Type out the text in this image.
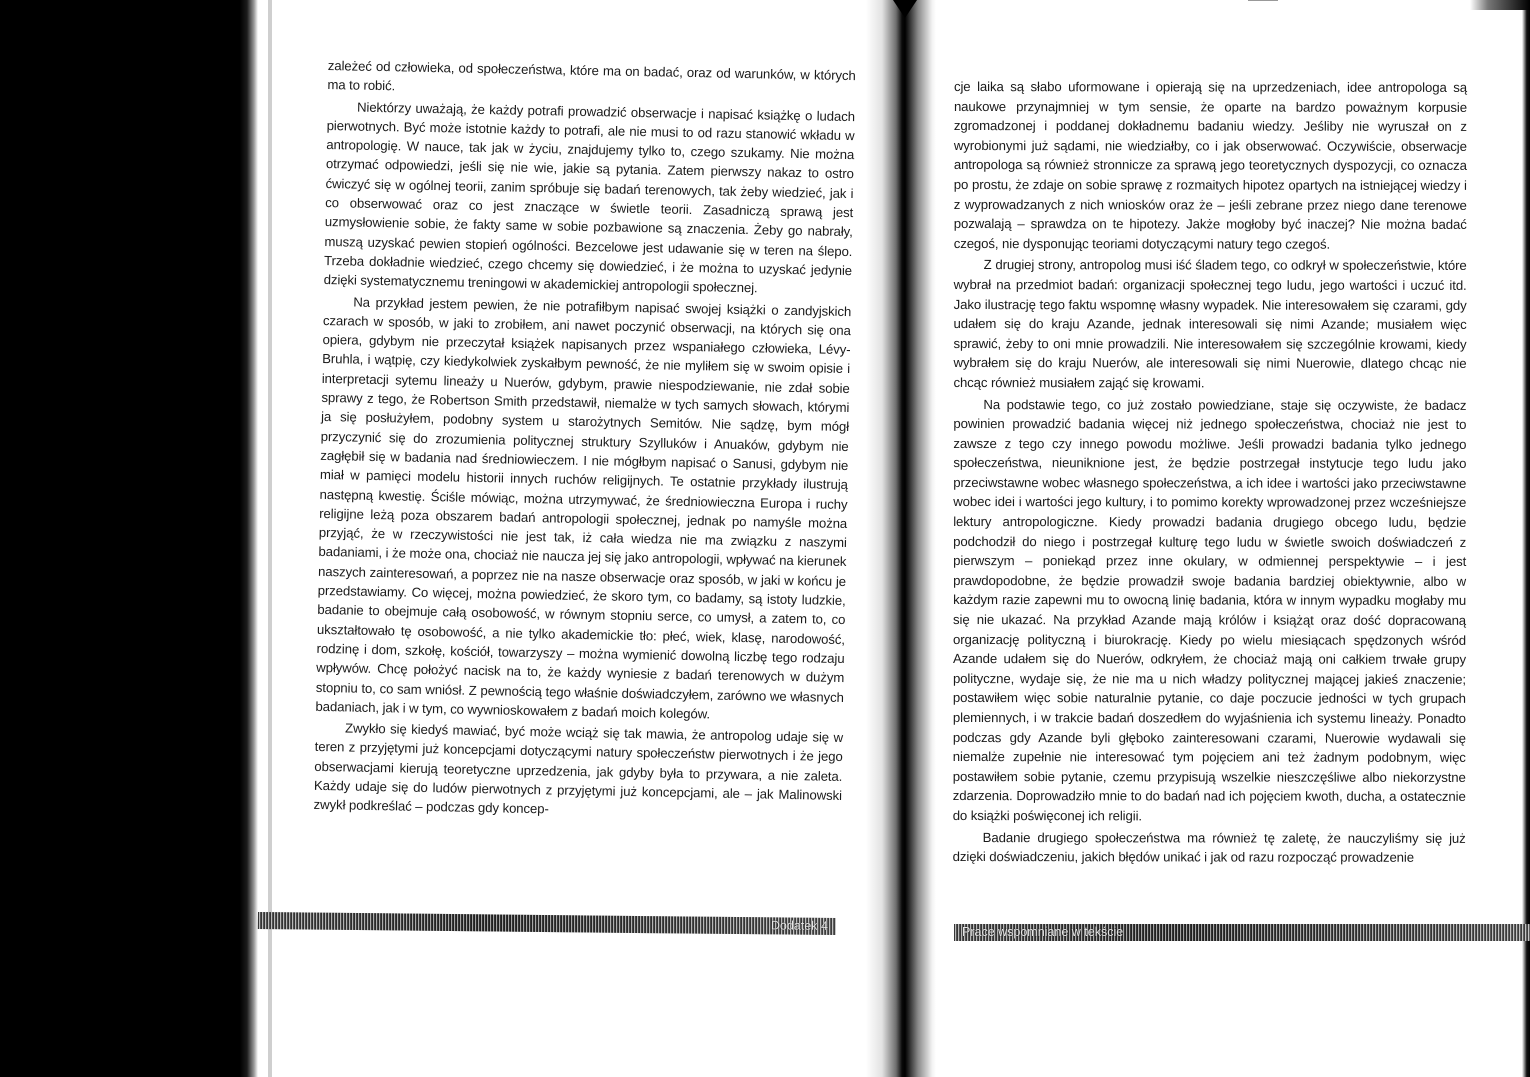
zależeć od człowieka, od społeczeństwa, które ma on badać, oraz od warunków, w których ma to robić.

Niektórzy uważają, że każdy potrafi prowadzić obserwacje i napisać książkę o ludach pierwotnych. Być może istotnie każdy to potrafi, ale nie musi to od razu stanowić wkładu w antropologię. W nauce, tak jak w życiu, znajdujemy tylko to, czego szukamy. Nie można otrzymać odpowiedzi, jeśli się nie wie, jakie są pytania. Zatem pierwszy nakaz to ostro ćwiczyć się w ogólnej teorii, zanim spróbuje się badań terenowych, tak żeby wiedzieć, jak i co obserwować oraz co jest znaczące w świetle teorii. Zasadniczą sprawą jest uzmysłowienie sobie, że fakty same w sobie pozbawione są znaczenia. Żeby go nabrały, muszą uzyskać pewien stopień ogólności. Bezcelowe jest udawanie się w teren na ślepo. Trzeba dokładnie wiedzieć, czego chcemy się dowiedzieć, i że można to uzyskać jedynie dzięki systematycznemu treningowi w akademickiej antropologii społecznej.

Na przykład jestem pewien, że nie potrafiłbym napisać swojej książki o zandyjskich czarach w sposób, w jaki to zrobiłem, ani nawet poczynić obserwacji, na których się ona opiera, gdybym nie przeczytał książek napisanych przez wspaniałego człowieka, Lévy-Bruhla, i wątpię, czy kiedykolwiek zyskałbym pewność, że nie myliłem się w swoim opisie i interpretacji sytemu lineaży u Nuerów, gdybym, prawie niespodziewanie, nie zdał sobie sprawy z tego, że Robertson Smith przedstawił, niemalże w tych samych słowach, którymi ja się posłużyłem, podobny system u starożytnych Semitów. Nie sądzę, bym mógł przyczynić się do zrozumienia politycznej struktury Szylluków i Anuaków, gdybym nie zagłębił się w badania nad średniowieczem. I nie mógłbym napisać o Sanusi, gdybym nie miał w pamięci modelu historii innych ruchów religijnych. Te ostatnie przykłady ilustrują następną kwestię. Ściśle mówiąc, można utrzymywać, że średniowieczna Europa i ruchy religijne leżą poza obszarem badań antropologii społecznej, jednak po namyśle można przyjąć, że w rzeczywistości nie jest tak, iż cała wiedza nie ma związku z naszymi badaniami, i że może ona, chociaż nie naucza jej się jako antropologii, wpływać na kierunek naszych zainteresowań, a poprzez nie na nasze obserwacje oraz sposób, w jaki w końcu je przedstawiamy. Co więcej, można powiedzieć, że skoro tym, co badamy, są istoty ludzkie, badanie to obejmuje całą osobowość, w równym stopniu serce, co umysł, a zatem to, co ukształtowało tę osobowość, a nie tylko akademickie tło: płeć, wiek, klasę, narodowość, rodzinę i dom, szkołę, kościół, towarzyszy – można wymienić dowolną liczbę tego rodzaju wpływów. Chcę położyć nacisk na to, że każdy wyniesie z badań terenowych w dużym stopniu to, co sam wniósł. Z pewnością tego właśnie doświadczyłem, zarówno we własnych badaniach, jak i w tym, co wywnioskowałem z badań moich kolegów.

Zwykło się kiedyś mawiać, być może wciąż się tak mawia, że antropolog udaje się w teren z przyjętymi już koncepcjami dotyczącymi natury społeczeństw pierwotnych i że jego obserwacjami kierują teoretyczne uprzedzenia, jak gdyby była to przywara, a nie zaleta. Każdy udaje się do ludów pierwotnych z przyjętymi już koncepcjami, ale – jak Malinowski zwykł podkreślać – podczas gdy koncep-

Dodatek 4

cje laika są słabo uformowane i opierają się na uprzedzeniach, idee antropologa są naukowe przynajmniej w tym sensie, że oparte na bardzo poważnym korpusie zgromadzonej i poddanej dokładnemu badaniu wiedzy. Jeśliby nie wyruszał on z wyrobionymi już sądami, nie wiedziałby, co i jak obserwować. Oczywiście, obserwacje antropologa są również stronnicze za sprawą jego teoretycznych dyspozycji, co oznacza po prostu, że zdaje on sobie sprawę z rozmaitych hipotez opartych na istniejącej wiedzy i z wyprowadzanych z nich wniosków oraz że – jeśli zebrane przez niego dane terenowe pozwalają – sprawdza on te hipotezy. Jakże mogłoby być inaczej? Nie można badać czegoś, nie dysponując teoriami dotyczącymi natury tego czegoś.

Z drugiej strony, antropolog musi iść śladem tego, co odkrył w społeczeństwie, które wybrał na przedmiot badań: organizacji społecznej tego ludu, jego wartości i uczuć itd. Jako ilustrację tego faktu wspomnę własny wypadek. Nie interesowałem się czarami, gdy udałem się do kraju Azande, jednak interesowali się nimi Azande; musiałem więc sprawić, żeby to oni mnie prowadzili. Nie interesowałem się szczególnie krowami, kiedy wybrałem się do kraju Nuerów, ale interesowali się nimi Nuerowie, dlatego chcąc nie chcąc również musiałem zająć się krowami.

Na podstawie tego, co już zostało powiedziane, staje się oczywiste, że badacz powinien prowadzić badania więcej niż jednego społeczeństwa, chociaż nie jest to zawsze z tego czy innego powodu możliwe. Jeśli prowadzi badania tylko jednego społeczeństwa, nieuniknione jest, że będzie postrzegał instytucje tego ludu jako przeciwstawne wobec własnego społeczeństwa, a ich idee i wartości jako przeciwstawne wobec idei i wartości jego kultury, i to pomimo korekty wprowadzonej przez wcześniejsze lektury antropologiczne. Kiedy prowadzi badania drugiego obcego ludu, będzie podchodził do niego i postrzegał kulturę tego ludu w świetle swoich doświadczeń z pierwszym – poniekąd przez inne okulary, w odmiennej perspektywie – i jest prawdopodobne, że będzie prowadził swoje badania bardziej obiektywnie, albo w każdym razie zapewni mu to owocną linię badania, która w innym wypadku mogłaby mu się nie ukazać. Na przykład Azande mają królów i książąt oraz dość dopracowaną organizację polityczną i biurokrację. Kiedy po wielu miesiącach spędzonych wśród Azande udałem się do Nuerów, odkryłem, że chociaż mają oni całkiem trwałe grupy polityczne, wydaje się, że nie ma u nich władzy politycznej mającej jakieś znaczenie; postawiłem więc sobie naturalnie pytanie, co daje poczucie jedności w tych grupach plemiennych, i w trakcie badań doszedłem do wyjaśnienia ich systemu lineaży. Ponadto podczas gdy Azande byli głęboko zainteresowani czarami, Nuerowie wydawali się niemalże zupełnie nie interesować tym pojęciem ani też żadnym podobnym, więc postawiłem sobie pytanie, czemu przypisują wszelkie nieszczęśliwe albo niekorzystne zdarzenia. Doprowadziło mnie to do badań nad ich pojęciem kwoth, ducha, a ostatecznie do książki poświęconej ich religii.

Badanie drugiego społeczeństwa ma również tę zaletę, że nauczyliśmy się już dzięki doświadczeniu, jakich błędów unikać i jak od razu rozpocząć prowadzenie

Prace wspomniane w tekście
